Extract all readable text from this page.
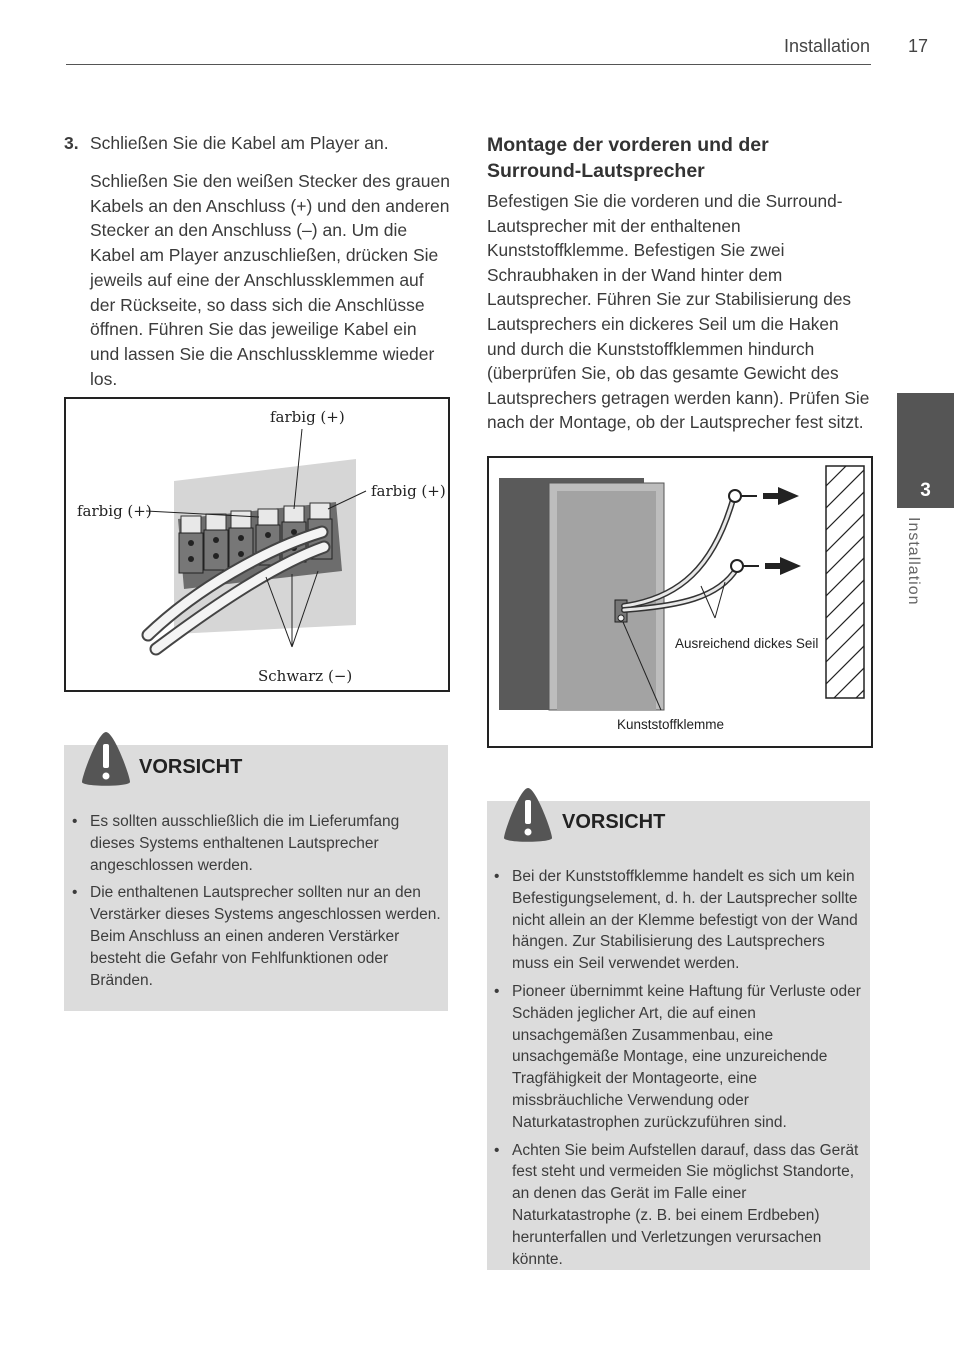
Installation 17
3
Installation
3. Schließen Sie die Kabel am Player an.
Schließen Sie den weißen Stecker des grauen Kabels an den Anschluss (+) und den anderen Stecker an den Anschluss (–) an. Um die Kabel am Player anzuschließen, drücken Sie jeweils auf eine der Anschlussklemmen auf der Rückseite, so dass sich die Anschlüsse öffnen. Führen Sie das jeweilige Kabel ein und lassen Sie die Anschlussklemme wieder los.
farbig (+)
farbig (+)
farbig (+)
Schwarz (−)
VORSICHT
• Es sollten ausschließlich die im Lieferumfang dieses Systems enthaltenen Lautsprecher angeschlossen werden.
• Die enthaltenen Lautsprecher sollten nur an den Verstärker dieses Systems angeschlossen werden. Beim Anschluss an einen anderen Verstärker besteht die Gefahr von Fehlfunktionen oder Bränden.
Montage der vorderen und der Surround-Lautsprecher
Befestigen Sie die vorderen und die Surround-Lautsprecher mit der enthaltenen Kunststoffklemme. Befestigen Sie zwei Schraubhaken in der Wand hinter dem Lautsprecher. Führen Sie zur Stabilisierung des Lautsprechers ein dickeres Seil um die Haken und durch die Kunststoffklemmen hindurch (überprüfen Sie, ob das gesamte Gewicht des Lautsprechers getragen werden kann). Prüfen Sie nach der Montage, ob der Lautsprecher fest sitzt.
Ausreichend dickes Seil
Kunststoffklemme
VORSICHT
• Bei der Kunststoffklemme handelt es sich um kein Befestigungselement, d. h. der Lautsprecher sollte nicht allein an der Klemme befestigt von der Wand hängen. Zur Stabilisierung des Lautsprechers muss ein Seil verwendet werden.
• Pioneer übernimmt keine Haftung für Verluste oder Schäden jeglicher Art, die auf einen unsachgemäßen Zusammenbau, eine unsachgemäße Montage, eine unzureichende Tragfähigkeit der Montageorte, eine missbräuchliche Verwendung oder Naturkatastrophen zurückzuführen sind.
• Achten Sie beim Aufstellen darauf, dass das Gerät fest steht und vermeiden Sie möglichst Standorte, an denen das Gerät im Falle einer Naturkatastrophe (z. B. bei einem Erdbeben) herunterfallen und Verletzungen verursachen könnte.
